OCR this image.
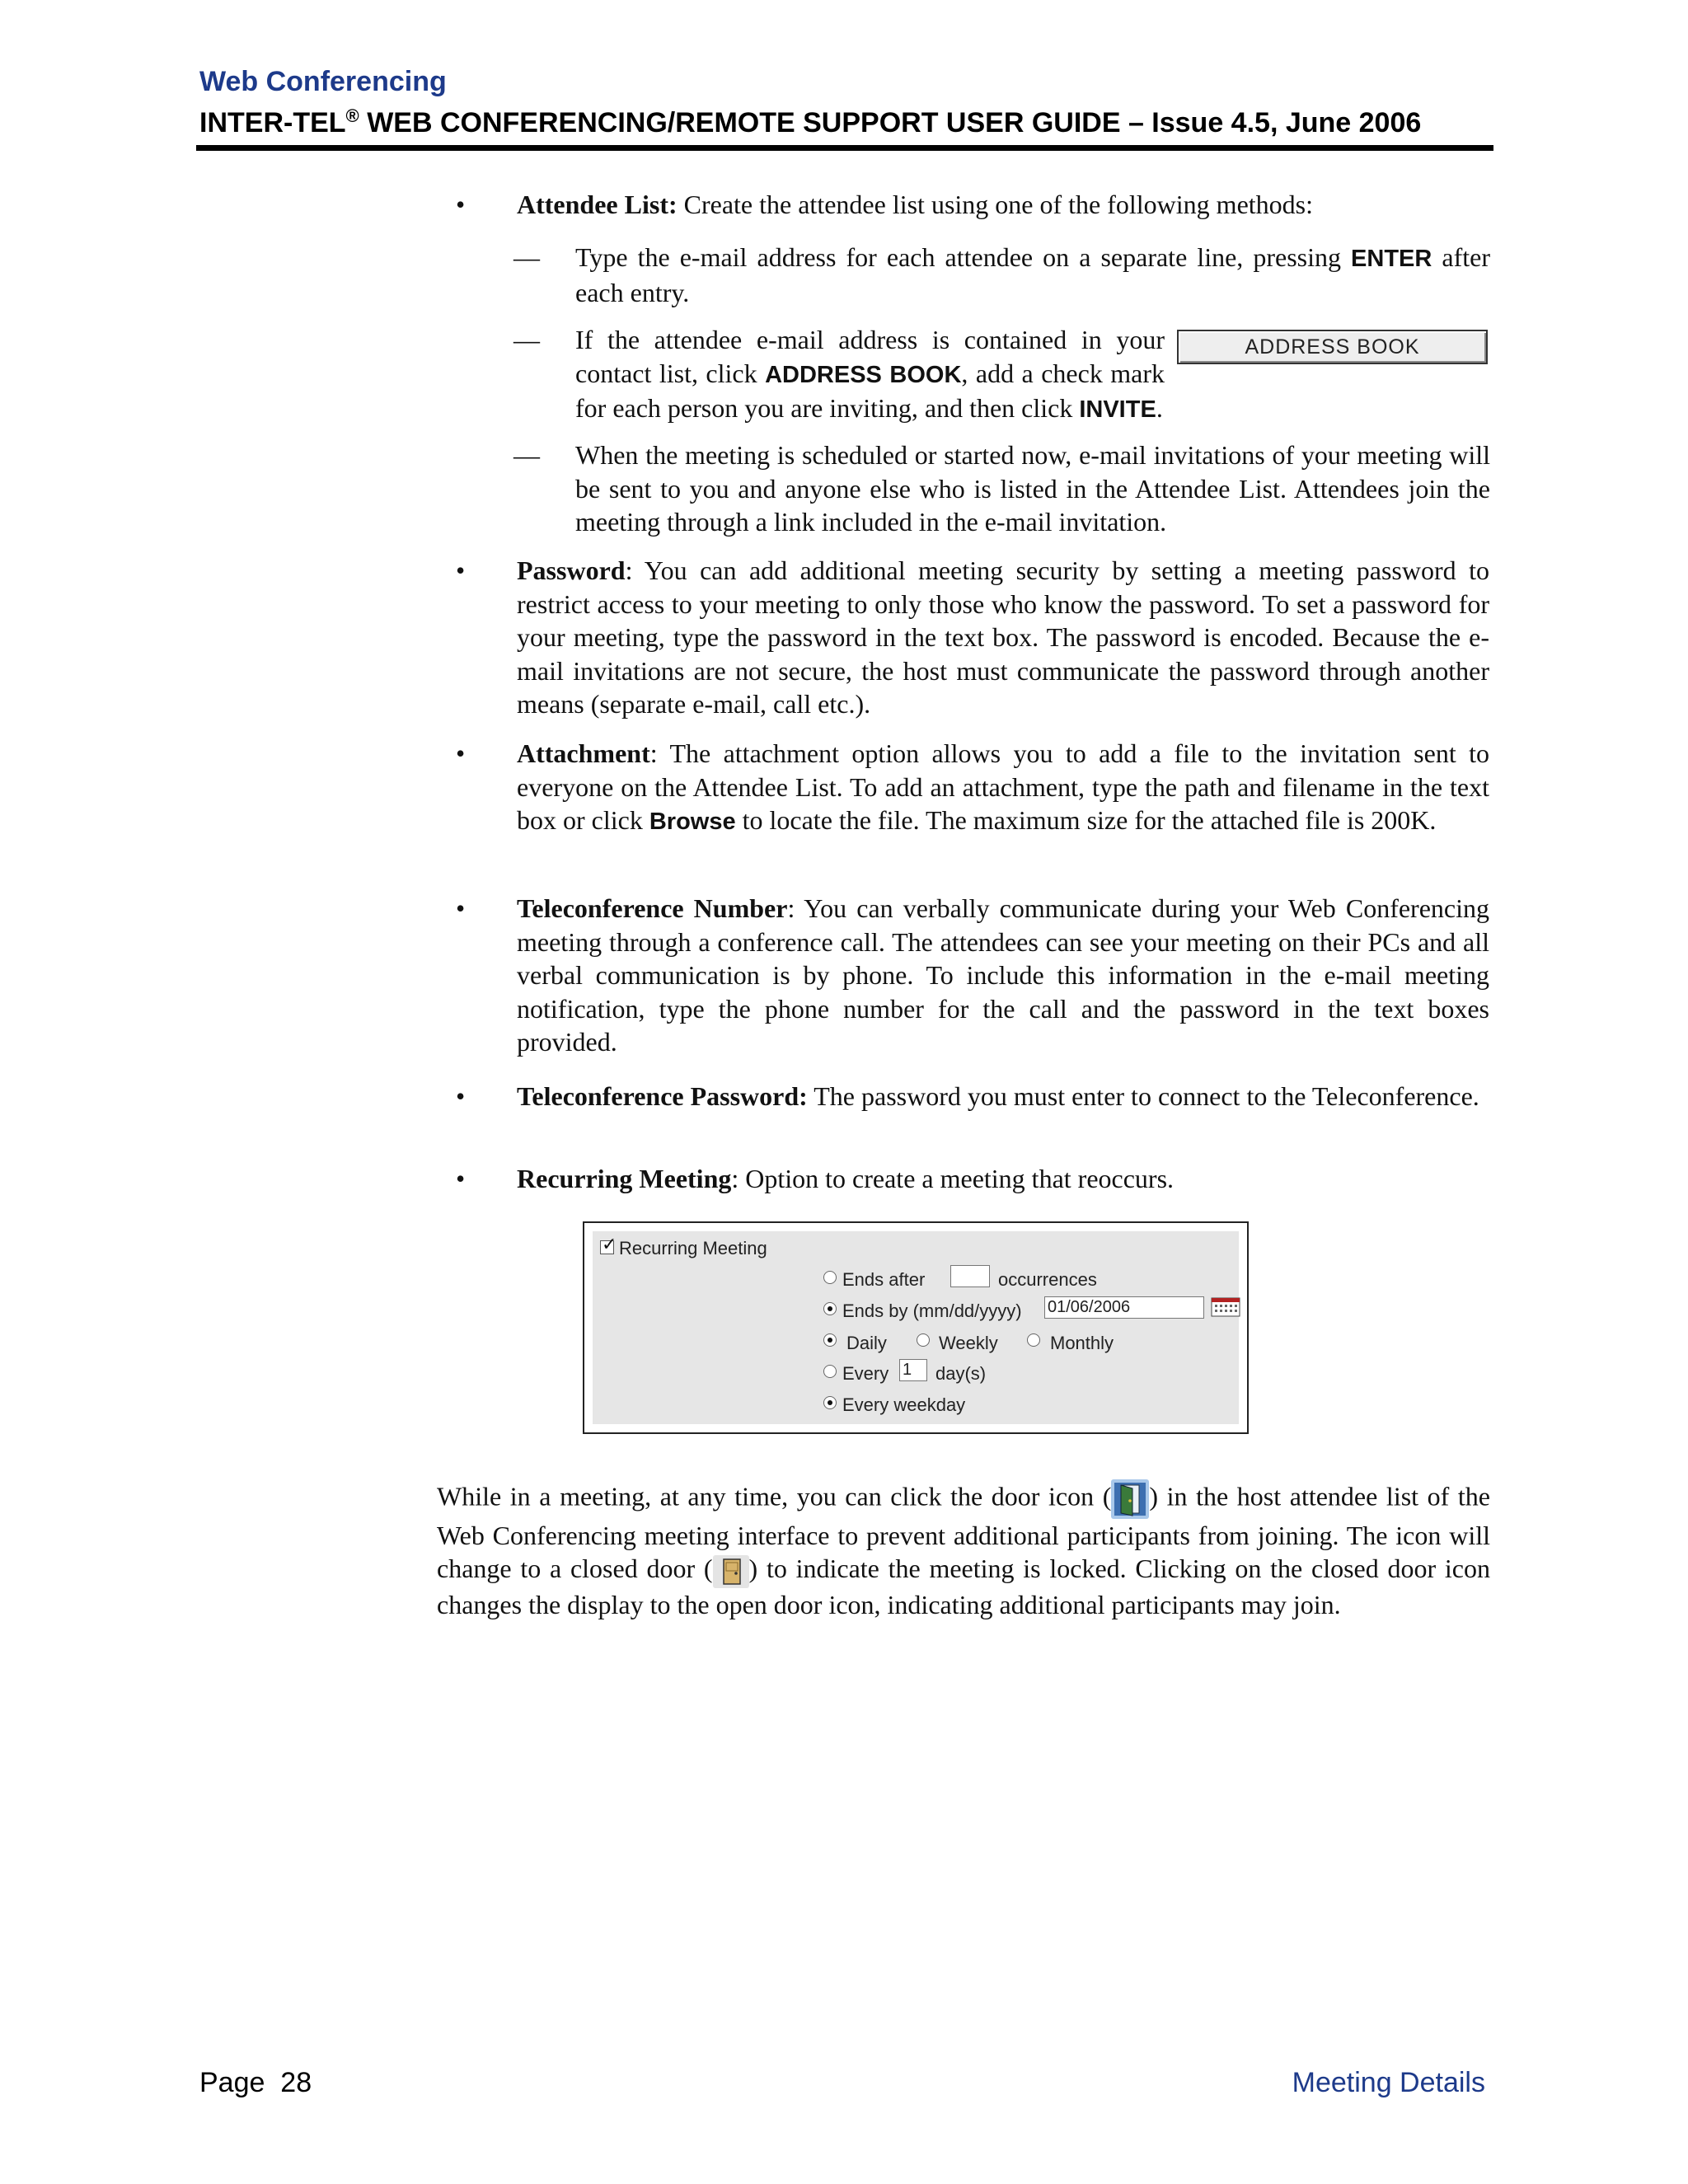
Web Conferencing
INTER-TEL® WEB CONFERENCING/REMOTE SUPPORT USER GUIDE – Issue 4.5, June 2006
• Attendee List: Create the attendee list using one of the following methods:
— Type the e-mail address for each attendee on a separate line, pressing ENTER after each entry.
— If the attendee e-mail address is contained in your contact list, click ADDRESS BOOK, add a check mark for each person you are inviting, and then click INVITE.
ADDRESS BOOK
— When the meeting is scheduled or started now, e-mail invitations of your meeting will be sent to you and anyone else who is listed in the Attendee List. Attendees join the meeting through a link included in the e-mail invitation.
• Password: You can add additional meeting security by setting a meeting password to restrict access to your meeting to only those who know the password. To set a password for your meeting, type the password in the text box. The password is encoded. Because the e-mail invitations are not secure, the host must communicate the password through another means (separate e-mail, call etc.).
• Attachment: The attachment option allows you to add a file to the invitation sent to everyone on the Attendee List. To add an attachment, type the path and filename in the text box or click Browse to locate the file. The maximum size for the attached file is 200K.
• Teleconference Number: You can verbally communicate during your Web Conferencing meeting through a conference call. The attendees can see your meeting on their PCs and all verbal communication is by phone. To include this information in the e-mail meeting notification, type the phone number for the call and the password in the text boxes provided.
• Teleconference Password: The password you must enter to connect to the Teleconference.
• Recurring Meeting: Option to create a meeting that reoccurs.
✓ Recurring Meeting
Ends after	occurrences
Ends by (mm/dd/yyyy) 01/06/2006
Daily	Weekly	Monthly
Every 1	day(s)
Every weekday
While in a meeting, at any time, you can click the door icon ( ) in the host attendee list of the Web Conferencing meeting interface to prevent additional participants from joining. The icon will change to a closed door ( ) to indicate the meeting is locked. Clicking on the closed door icon changes the display to the open door icon, indicating additional participants may join.
Page  28	Meeting Details
